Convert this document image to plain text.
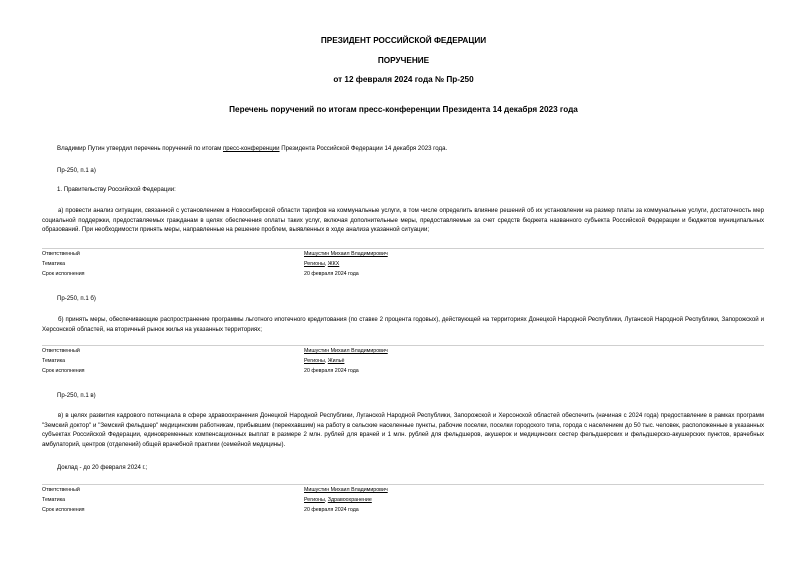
ПРЕЗИДЕНТ РОССИЙСКОЙ ФЕДЕРАЦИИ
ПОРУЧЕНИЕ
от 12 февраля 2024 года № Пр-250
Перечень поручений по итогам пресс-конференции Президента 14 декабря 2023 года
Владимир Путин утвердил перечень поручений по итогам пресс-конференции Президента Российской Федерации 14 декабря 2023 года.
Пр-250, п.1 а)
1. Правительству Российской Федерации:
а) провести анализ ситуации, связанной с установлением в Новосибирской области тарифов на коммунальные услуги, в том числе определить влияние решений об их установлении на размер платы за коммунальные услуги, достаточность мер социальной поддержки, предоставляемых гражданам в целях обеспечения оплаты таких услуг, включая дополнительные меры, предоставляемые за счет средств бюджета названного субъекта Российской Федерации и бюджетов муниципальных образований. При необходимости принять меры, направленные на решение проблем, выявленных в ходе анализа указанной ситуации;
Ответственный	Мишустин Михаил Владимирович
Тематика	Регионы, ЖКХ
Срок исполнения	20 февраля 2024 года
Пр-250, п.1 б)
б) принять меры, обеспечивающие распространение программы льготного ипотечного кредитования (по ставке 2 процента годовых), действующей на территориях Донецкой Народной Республики, Луганской Народной Республики, Запорожской и Херсонской областей, на вторичный рынок жилья на указанных территориях;
Ответственный	Мишустин Михаил Владимирович
Тематика	Регионы, Жильё
Срок исполнения	20 февраля 2024 года
Пр-250, п.1 в)
в) в целях развития кадрового потенциала в сфере здравоохранения Донецкой Народной Республики, Луганской Народной Республики, Запорожской и Херсонской областей обеспечить (начиная с 2024 года) предоставление в рамках программ "Земский доктор" и "Земский фельдшер" медицинским работникам, прибывшим (переехавшим) на работу в сельские населенные пункты, рабочие поселки, поселки городского типа, города с населением до 50 тыс. человек, расположенные в указанных субъектах Российской Федерации, единовременных компенсационных выплат в размере 2 млн. рублей для врачей и 1 млн. рублей для фельдшеров, акушерок и медицинских сестер фельдшерских и фельдшерско-акушерских пунктов, врачебных амбулаторий, центров (отделений) общей врачебной практики (семейной медицины).
Доклад - до 20 февраля 2024 г.;
Ответственный	Мишустин Михаил Владимирович
Тематика	Регионы, Здравоохранение
Срок исполнения	20 февраля 2024 года
